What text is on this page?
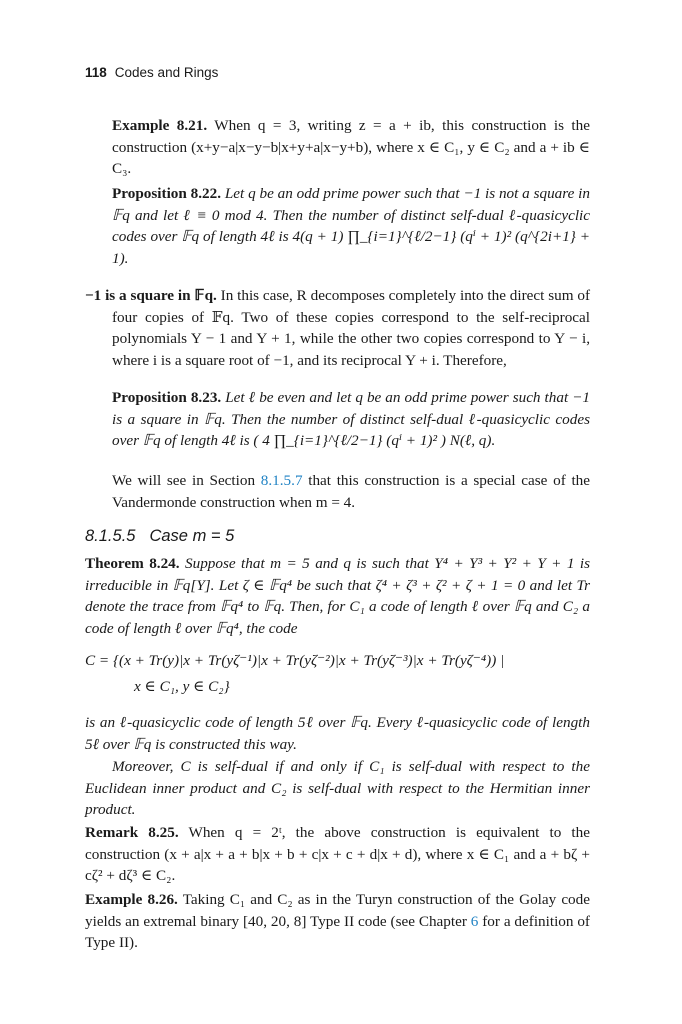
118 Codes and Rings
Example 8.21. When q = 3, writing z = a + ib, this construction is the construction (x+y−a|x−y−b|x+y+a|x−y+b), where x ∈ C₁, y ∈ C₂ and a + ib ∈ C₃.
Proposition 8.22. Let q be an odd prime power such that −1 is not a square in 𝔽q and let ℓ ≡ 0 mod 4. Then the number of distinct self-dual ℓ-quasicyclic codes over 𝔽q of length 4ℓ is 4(q + 1) ∏_{i=1}^{ℓ/2−1} (qⁱ + 1)² (q^{2i+1} + 1).
−1 is a square in 𝔽q. In this case, R decomposes completely into the direct sum of four copies of 𝔽q. Two of these copies correspond to the self-reciprocal polynomials Y − 1 and Y + 1, while the other two copies correspond to Y − i, where i is a square root of −1, and its reciprocal Y + i. Therefore,
Proposition 8.23. Let ℓ be even and let q be an odd prime power such that −1 is a square in 𝔽q. Then the number of distinct self-dual ℓ-quasicyclic codes over 𝔽q of length 4ℓ is ( 4 ∏_{i=1}^{ℓ/2−1} (qⁱ + 1)² ) N(ℓ, q).
We will see in Section 8.1.5.7 that this construction is a special case of the Vandermonde construction when m = 4.
8.1.5.5 Case m = 5
Theorem 8.24. Suppose that m = 5 and q is such that Y⁴ + Y³ + Y² + Y + 1 is irreducible in 𝔽q[Y]. Let ζ ∈ 𝔽q⁴ be such that ζ⁴ + ζ³ + ζ² + ζ + 1 = 0 and let Tr denote the trace from 𝔽q⁴ to 𝔽q. Then, for C₁ a code of length ℓ over 𝔽q and C₂ a code of length ℓ over 𝔽q⁴, the code
C = {(x + Tr(y)|x + Tr(yζ⁻¹)|x + Tr(yζ⁻²)|x + Tr(yζ⁻³)|x + Tr(yζ⁻⁴)) |
x ∈ C₁, y ∈ C₂}
is an ℓ-quasicyclic code of length 5ℓ over 𝔽q. Every ℓ-quasicyclic code of length 5ℓ over 𝔽q is constructed this way.
Moreover, C is self-dual if and only if C₁ is self-dual with respect to the Euclidean inner product and C₂ is self-dual with respect to the Hermitian inner product.
Remark 8.25. When q = 2ᵗ, the above construction is equivalent to the construction (x + a|x + a + b|x + b + c|x + c + d|x + d), where x ∈ C₁ and a + bζ + cζ² + dζ³ ∈ C₂.
Example 8.26. Taking C₁ and C₂ as in the Turyn construction of the Golay code yields an extremal binary [40, 20, 8] Type II code (see Chapter 6 for a definition of Type II).
